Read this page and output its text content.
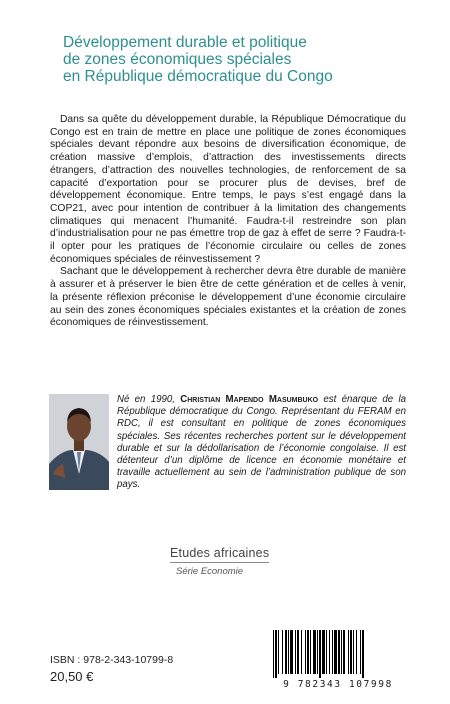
Développement durable et politique
de zones économiques spéciales
en République démocratique du Congo

Dans sa quête du développement durable, la République Démocratique du Congo est en train de mettre en place une politique de zones économiques spéciales devant répondre aux besoins de diversification économique, de création massive d’emplois, d’attraction des investissements directs étrangers, d’attraction des nouvelles technologies, de renforcement de sa capacité d’exportation pour se procurer plus de devises, bref de développement économique. Entre temps, le pays s’est engagé dans la COP21, avec pour intention de contribuer à la limitation des changements climatiques qui menacent l’humanité. Faudra-t-il restreindre son plan d’industrialisation pour ne pas émettre trop de gaz à effet de serre ? Faudra-t-il opter pour les pratiques de l’économie circulaire ou celles de zones économiques spéciales de réinvestissement ?

Sachant que le développement à rechercher devra être durable de manière à assurer et à préserver le bien être de cette génération et de celles à venir, la présente réflexion préconise le développement d’une économie circulaire au sein des zones économiques spéciales existantes et la création de zones économiques de réinvestissement.

Né en 1990, Christian Mapendo Masumbuko est énarque de la République démocratique du Congo. Représentant du FERAM en RDC, il est consultant en politique de zones économiques spéciales. Ses récentes recherches portent sur le développement durable et sur la dédollarisation de l’économie congolaise. Il est détenteur d’un diplôme de licence en économie monétaire et travaille actuellement au sein de l’administration publique de son pays.
Etudes africaines
Série Economie
ISBN : 978-2-343-10799-8
20,50 €
9 782343 107998
